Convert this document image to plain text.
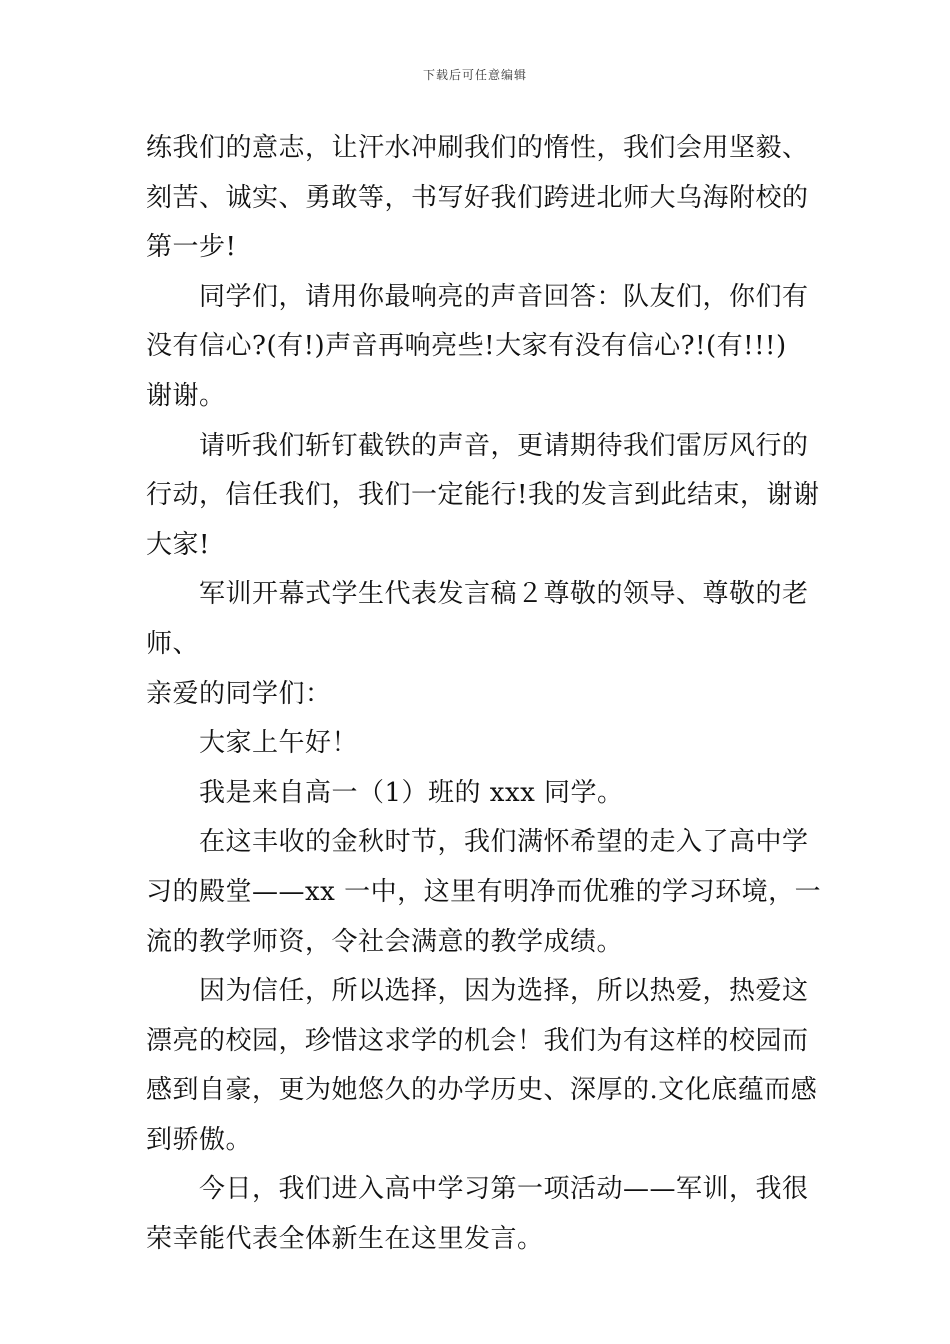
下载后可任意编辑

练我们的意志，让汗水冲刷我们的惰性，我们会用坚毅、
刻苦、诚实、勇敢等，书写好我们跨进北师大乌海附校的
第一步!

　　同学们，请用你最响亮的声音回答：队友们，你们有
没有信心?(有!)声音再响亮些!大家有没有信心?!(有!!!)
谢谢。

　　请听我们斩钉截铁的声音，更请期待我们雷厉风行的
行动，信任我们，我们一定能行!我的发言到此结束，谢谢
大家!

　　军训开幕式学生代表发言稿２尊敬的领导、尊敬的老师、
亲爱的同学们：

　　大家上午好！

　　我是来自高一（1）班的 xxx 同学。

　　在这丰收的金秋时节，我们满怀希望的走入了高中学
习的殿堂——xx 一中，这里有明净而优雅的学习环境，一
流的教学师资，令社会满意的教学成绩。

　　因为信任，所以选择，因为选择，所以热爱，热爱这
漂亮的校园，珍惜这求学的机会！我们为有这样的校园而
感到自豪，更为她悠久的办学历史、深厚的.文化底蕴而感
到骄傲。

　　今日，我们进入高中学习第一项活动——军训，我很
荣幸能代表全体新生在这里发言。
